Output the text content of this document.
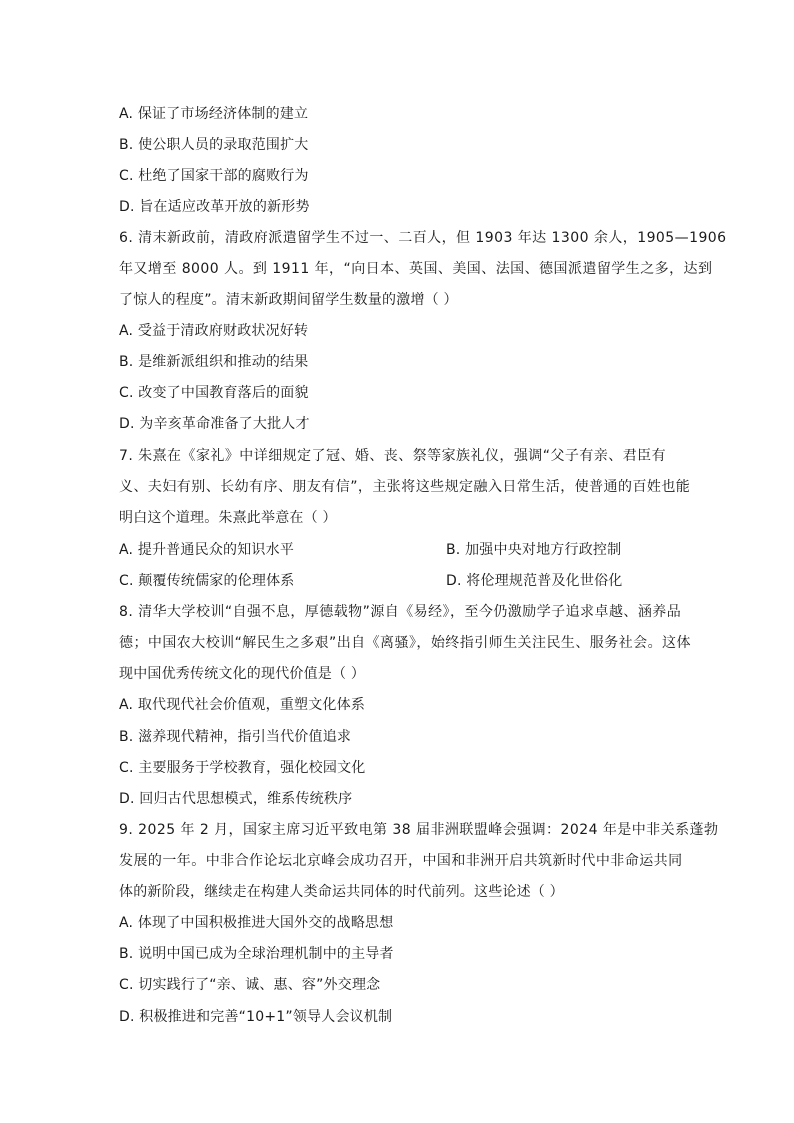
A. 保证了市场经济体制的建立
B. 使公职人员的录取范围扩大
C. 杜绝了国家干部的腐败行为
D. 旨在适应改革开放的新形势
6. 清末新政前，清政府派遣留学生不过一、二百人，但 1903 年达 1300 余人，1905—1906
年又增至 8000 人。到 1911 年，“向日本、英国、美国、法国、德国派遣留学生之多，达到
了惊人的程度”。清末新政期间留学生数量的激增（ ）
A. 受益于清政府财政状况好转
B. 是维新派组织和推动的结果
C. 改变了中国教育落后的面貌
D. 为辛亥革命准备了大批人才
7. 朱熹在《家礼》中详细规定了冠、婚、丧、祭等家族礼仪，强调“父子有亲、君臣有
义、夫妇有别、长幼有序、朋友有信”，主张将这些规定融入日常生活，使普通的百姓也能
明白这个道理。朱熹此举意在（ ）
A. 提升普通民众的知识水平	B. 加强中央对地方行政控制
C. 颠覆传统儒家的伦理体系	D. 将伦理规范普及化世俗化
8. 清华大学校训“自强不息，厚德载物”源自《易经》，至今仍激励学子追求卓越、涵养品
德；中国农大校训“解民生之多艰”出自《离骚》，始终指引师生关注民生、服务社会。这体
现中国优秀传统文化的现代价值是（ ）
A. 取代现代社会价值观，重塑文化体系
B. 滋养现代精神，指引当代价值追求
C. 主要服务于学校教育，强化校园文化
D. 回归古代思想模式，维系传统秩序
9. 2025 年 2 月，国家主席习近平致电第 38 届非洲联盟峰会强调：2024 年是中非关系蓬勃
发展的一年。中非合作论坛北京峰会成功召开，中国和非洲开启共筑新时代中非命运共同
体的新阶段，继续走在构建人类命运共同体的时代前列。这些论述（ ）
A. 体现了中国积极推进大国外交的战略思想
B. 说明中国已成为全球治理机制中的主导者
C. 切实践行了“亲、诚、惠、容”外交理念
D. 积极推进和完善“10+1”领导人会议机制
